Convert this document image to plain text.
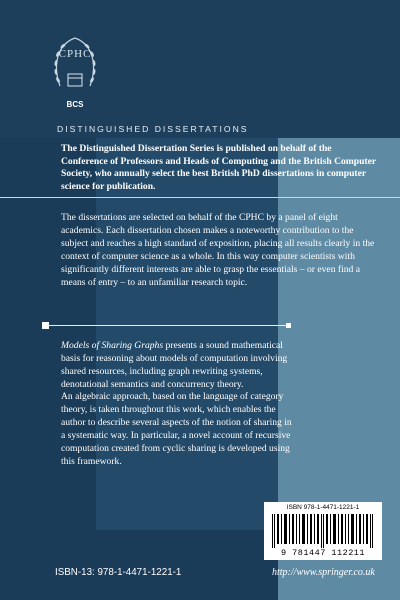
CPHC
BCS
DISTINGUISHED DISSERTATIONS

The Distinguished Dissertation Series is published on behalf of the Conference of Professors and Heads of Computing and the British Computer Society, who annually select the best British PhD dissertations in computer science for publication.

The dissertations are selected on behalf of the CPHC by a panel of eight academics. Each dissertation chosen makes a noteworthy contribution to the subject and reaches a high standard of exposition, placing all results clearly in the context of computer science as a whole. In this way computer scientists with significantly different interests are able to grasp the essentials – or even find a means of entry – to an unfamiliar research topic.

Models of Sharing Graphs presents a sound mathematical basis for reasoning about models of computation involving shared resources, including graph rewriting systems, denotational semantics and concurrency theory.

An algebraic approach, based on the language of category theory, is taken throughout this work, which enables the author to describe several aspects of the notion of sharing in a systematic way. In particular, a novel account of recursive computation created from cyclic sharing is developed using this framework.

ISBN 978-1-4471-1221-1
9 781447 112211
ISBN-13: 978-1-4471-1221-1	http://www.springer.co.uk
